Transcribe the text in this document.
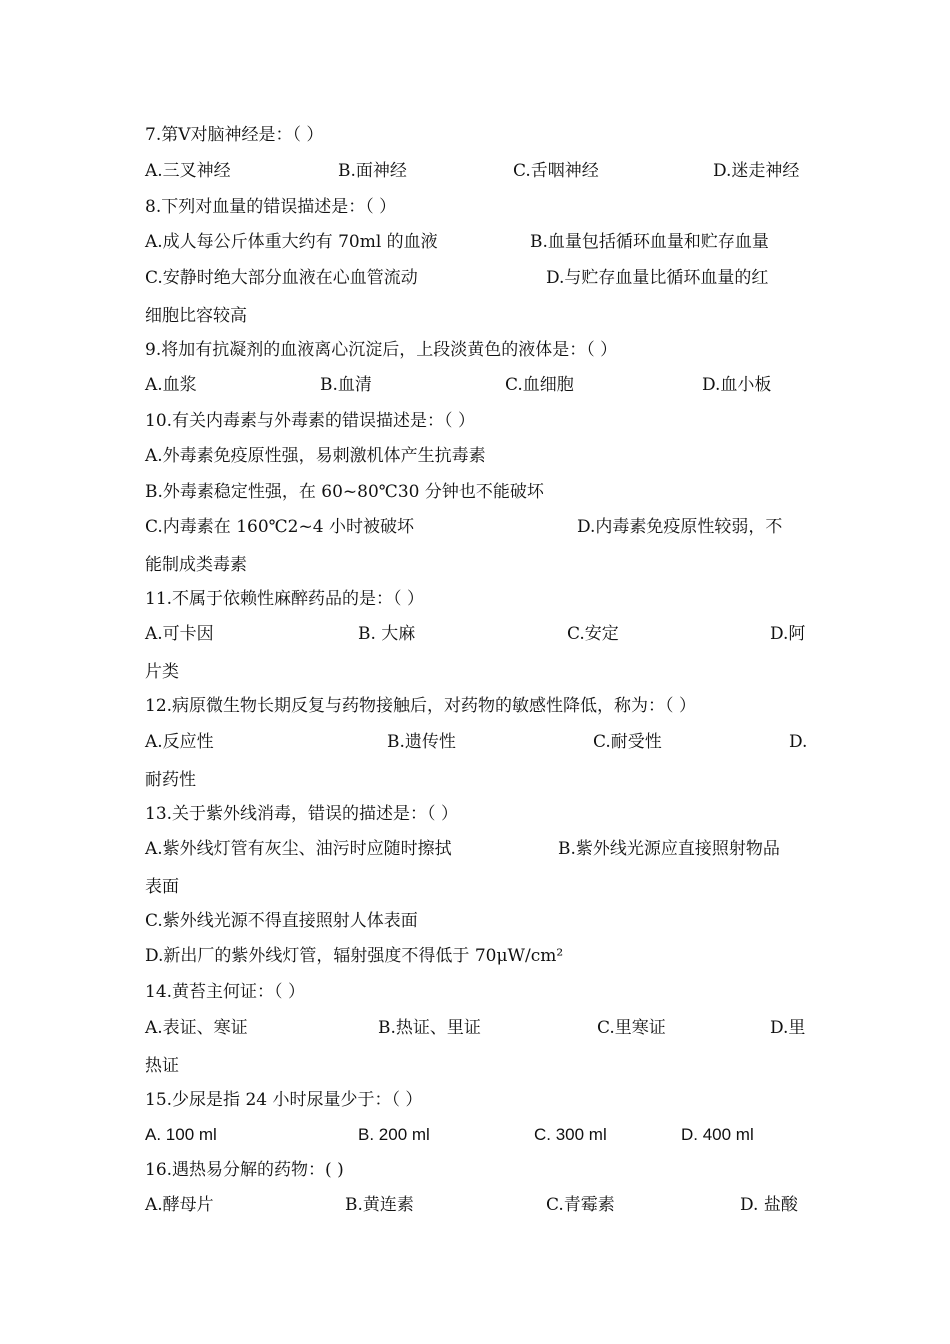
7.第V对脑神经是：（ ）
A.三叉神经	B.面神经	C.舌咽神经	D.迷走神经
8.下列对血量的错误描述是：（ ）
A.成人每公斤体重大约有 70ml 的血液	B.血量包括循环血量和贮存血量
C.安静时绝大部分血液在心血管流动	D.与贮存血量比循环血量的红
细胞比容较高
9.将加有抗凝剂的血液离心沉淀后，上段淡黄色的液体是：（ ）
A.血浆	B.血清	C.血细胞	D.血小板
10.有关内毒素与外毒素的错误描述是：（ ）
A.外毒素免疫原性强，易刺激机体产生抗毒素
B.外毒素稳定性强，在 60~80℃30 分钟也不能破坏
C.内毒素在 160℃2~4 小时被破坏	D.内毒素免疫原性较弱，不
能制成类毒素
11.不属于依赖性麻醉药品的是：（ ）
A.可卡因	B. 大麻	C.安定	D.阿
片类
12.病原微生物长期反复与药物接触后，对药物的敏感性降低，称为：（ ）
A.反应性	B.遗传性	C.耐受性	D.
耐药性
13.关于紫外线消毒，错误的描述是：（ ）
A.紫外线灯管有灰尘、油污时应随时擦拭	B.紫外线光源应直接照射物品
表面
C.紫外线光源不得直接照射人体表面
D.新出厂的紫外线灯管，辐射强度不得低于 70μW/cm²
14.黄苔主何证：（ ）
A.表证、寒证	B.热证、里证	C.里寒证	D.里
热证
15.少尿是指 24 小时尿量少于：（ ）
A. 100 ml	B. 200 ml	C. 300 ml	D. 400 ml
16.遇热易分解的药物：( )
A.酵母片	B.黄连素	C.青霉素	D. 盐酸
